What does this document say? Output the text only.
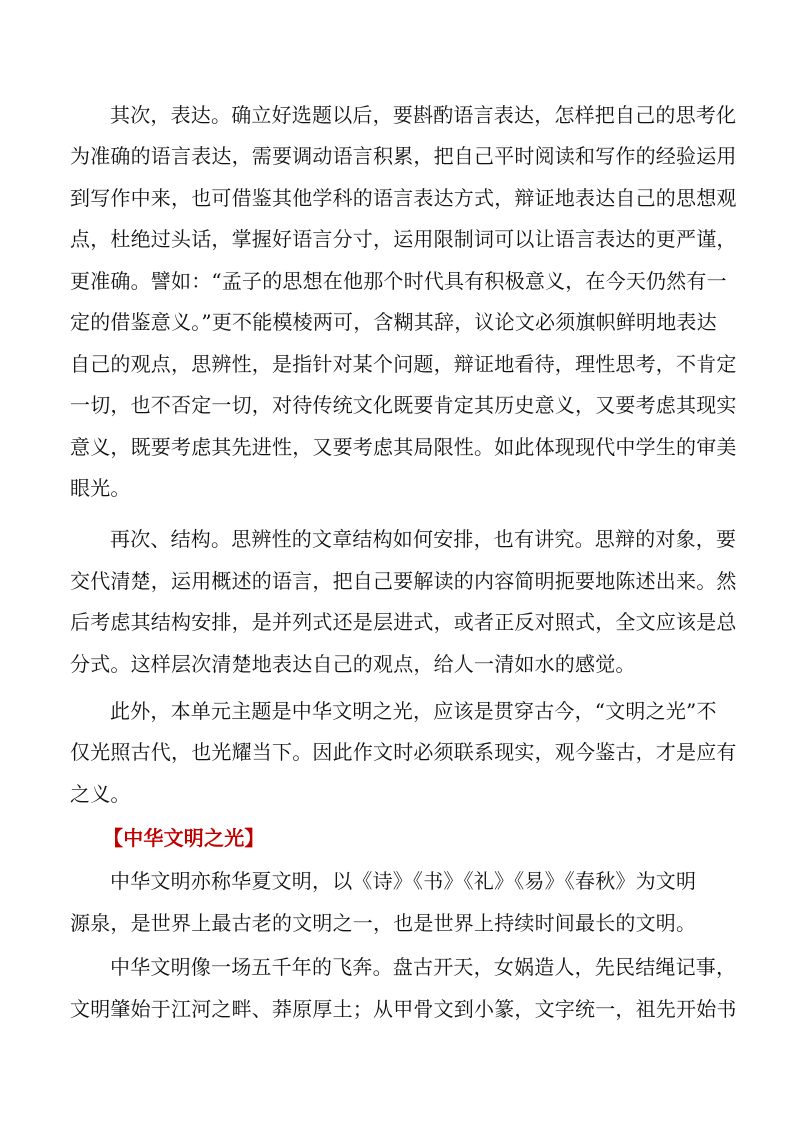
其次，表达。确立好选题以后，要斟酌语言表达，怎样把自己的思考化
为准确的语言表达，需要调动语言积累，把自己平时阅读和写作的经验运用
到写作中来，也可借鉴其他学科的语言表达方式，辩证地表达自己的思想观
点，杜绝过头话，掌握好语言分寸，运用限制词可以让语言表达的更严谨，
更准确。譬如：“孟子的思想在他那个时代具有积极意义，在今天仍然有一
定的借鉴意义。”更不能模棱两可，含糊其辞，议论文必须旗帜鲜明地表达
自己的观点，思辨性，是指针对某个问题，辩证地看待，理性思考，不肯定
一切，也不否定一切，对待传统文化既要肯定其历史意义，又要考虑其现实
意义，既要考虑其先进性，又要考虑其局限性。如此体现现代中学生的审美
眼光。
再次、结构。思辨性的文章结构如何安排，也有讲究。思辩的对象，要
交代清楚，运用概述的语言，把自己要解读的内容简明扼要地陈述出来。然
后考虑其结构安排，是并列式还是层进式，或者正反对照式，全文应该是总
分式。这样层次清楚地表达自己的观点，给人一清如水的感觉。
此外，本单元主题是中华文明之光，应该是贯穿古今，“文明之光”不
仅光照古代，也光耀当下。因此作文时必须联系现实，观今鉴古，才是应有
之义。
【中华文明之光】
中华文明亦称华夏文明，以《诗》《书》《礼》《易》《春秋》为文明
源泉，是世界上最古老的文明之一，也是世界上持续时间最长的文明。
中华文明像一场五千年的飞奔。盘古开天，女娲造人，先民结绳记事，
文明肇始于江河之畔、莽原厚土；从甲骨文到小篆，文字统一，祖先开始书
